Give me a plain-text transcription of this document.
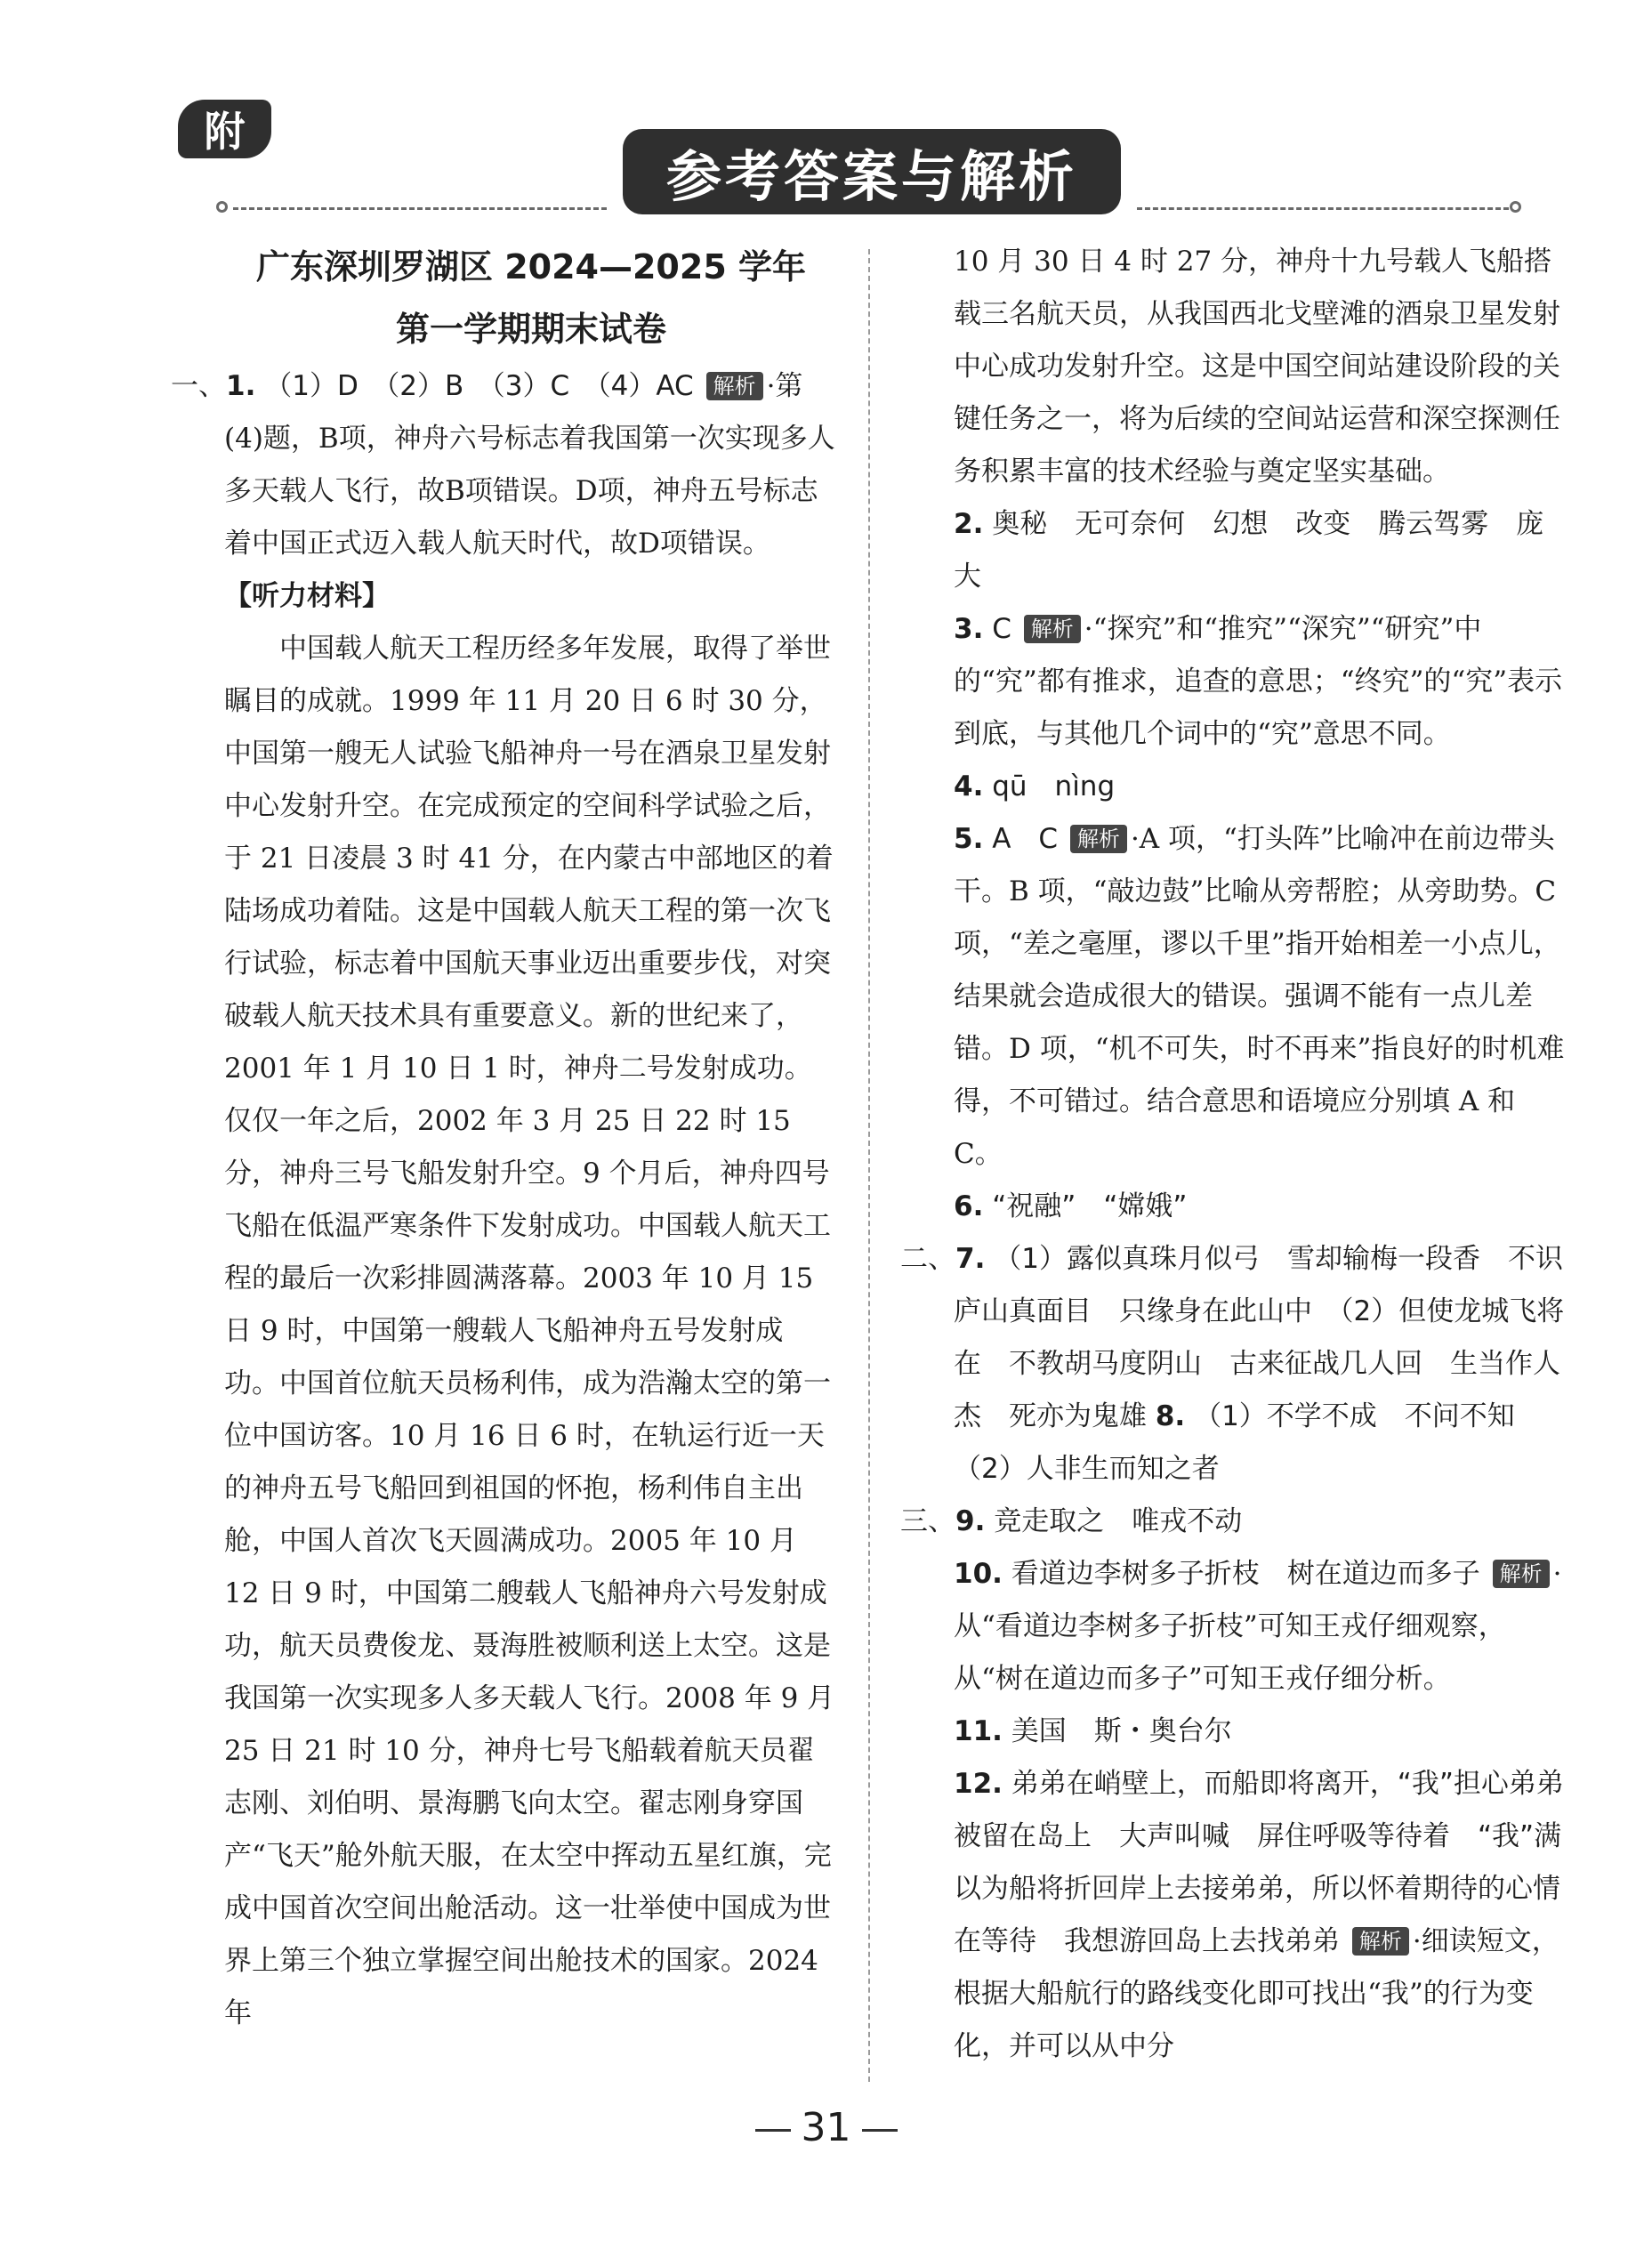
附
参考答案与解析
广东深圳罗湖区 2024—2025 学年
第一学期期末试卷

一、1. （1）D　（2）B　（3）C　（4）AC 解析 ·第(4)题，B项，神舟六号标志着我国第一次实现多人多天载人飞行，故B项错误。D项，神舟五号标志着中国正式迈入载人航天时代，故D项错误。

【听力材料】

中国载人航天工程历经多年发展，取得了举世瞩目的成就。1999 年 11 月 20 日 6 时 30 分，中国第一艘无人试验飞船神舟一号在酒泉卫星发射中心发射升空。在完成预定的空间科学试验之后，于 21 日凌晨 3 时 41 分，在内蒙古中部地区的着陆场成功着陆。这是中国载人航天工程的第一次飞行试验，标志着中国航天事业迈出重要步伐，对突破载人航天技术具有重要意义。新的世纪来了，2001 年 1 月 10 日 1 时，神舟二号发射成功。仅仅一年之后，2002 年 3 月 25 日 22 时 15 分，神舟三号飞船发射升空。9 个月后，神舟四号飞船在低温严寒条件下发射成功。中国载人航天工程的最后一次彩排圆满落幕。2003 年 10 月 15 日 9 时，中国第一艘载人飞船神舟五号发射成功。中国首位航天员杨利伟，成为浩瀚太空的第一位中国访客。10 月 16 日 6 时，在轨运行近一天的神舟五号飞船回到祖国的怀抱，杨利伟自主出舱，中国人首次飞天圆满成功。2005 年 10 月 12 日 9 时，中国第二艘载人飞船神舟六号发射成功，航天员费俊龙、聂海胜被顺利送上太空。这是我国第一次实现多人多天载人飞行。2008 年 9 月 25 日 21 时 10 分，神舟七号飞船载着航天员翟志刚、刘伯明、景海鹏飞向太空。翟志刚身穿国产“飞天”舱外航天服，在太空中挥动五星红旗，完成中国首次空间出舱活动。这一壮举使中国成为世界上第三个独立掌握空间出舱技术的国家。2024 年

10 月 30 日 4 时 27 分，神舟十九号载人飞船搭载三名航天员，从我国西北戈壁滩的酒泉卫星发射中心成功发射升空。这是中国空间站建设阶段的关键任务之一，将为后续的空间站运营和深空探测任务积累丰富的技术经验与奠定坚实基础。

2. 奥秘　无可奈何　幻想　改变　腾云驾雾　庞大

3. C 解析 ·“探究”和“推究”“深究”“研究”中的“究”都有推求，追查的意思；“终究”的“究”表示到底，与其他几个词中的“究”意思不同。

4. qū　nìng

5. A　C 解析 ·A 项，“打头阵”比喻冲在前边带头干。B 项，“敲边鼓”比喻从旁帮腔；从旁助势。C 项，“差之毫厘，谬以千里”指开始相差一小点儿，结果就会造成很大的错误。强调不能有一点儿差错。D 项，“机不可失，时不再来”指良好的时机难得，不可错过。结合意思和语境应分别填 A 和 C。

6. “祝融”　“嫦娥”

二、7. （1）露似真珠月似弓　雪却输梅一段香　不识庐山真面目　只缘身在此山中　（2）但使龙城飞将在　不教胡马度阴山　古来征战几人回　生当作人杰　死亦为鬼雄 8. （1）不学不成　不问不知　（2）人非生而知之者

三、9. 竞走取之　唯戎不动

10. 看道边李树多子折枝　树在道边而多子 解析 ·从“看道边李树多子折枝”可知王戎仔细观察，从“树在道边而多子”可知王戎仔细分析。

11. 美国　斯・奥台尔

12. 弟弟在峭壁上，而船即将离开，“我”担心弟弟被留在岛上　大声叫喊　屏住呼吸等待着　“我”满以为船将折回岸上去接弟弟，所以怀着期待的心情在等待　我想游回岛上去找弟弟 解析 ·细读短文，根据大船航行的路线变化即可找出“我”的行为变化，并可以从中分

31
